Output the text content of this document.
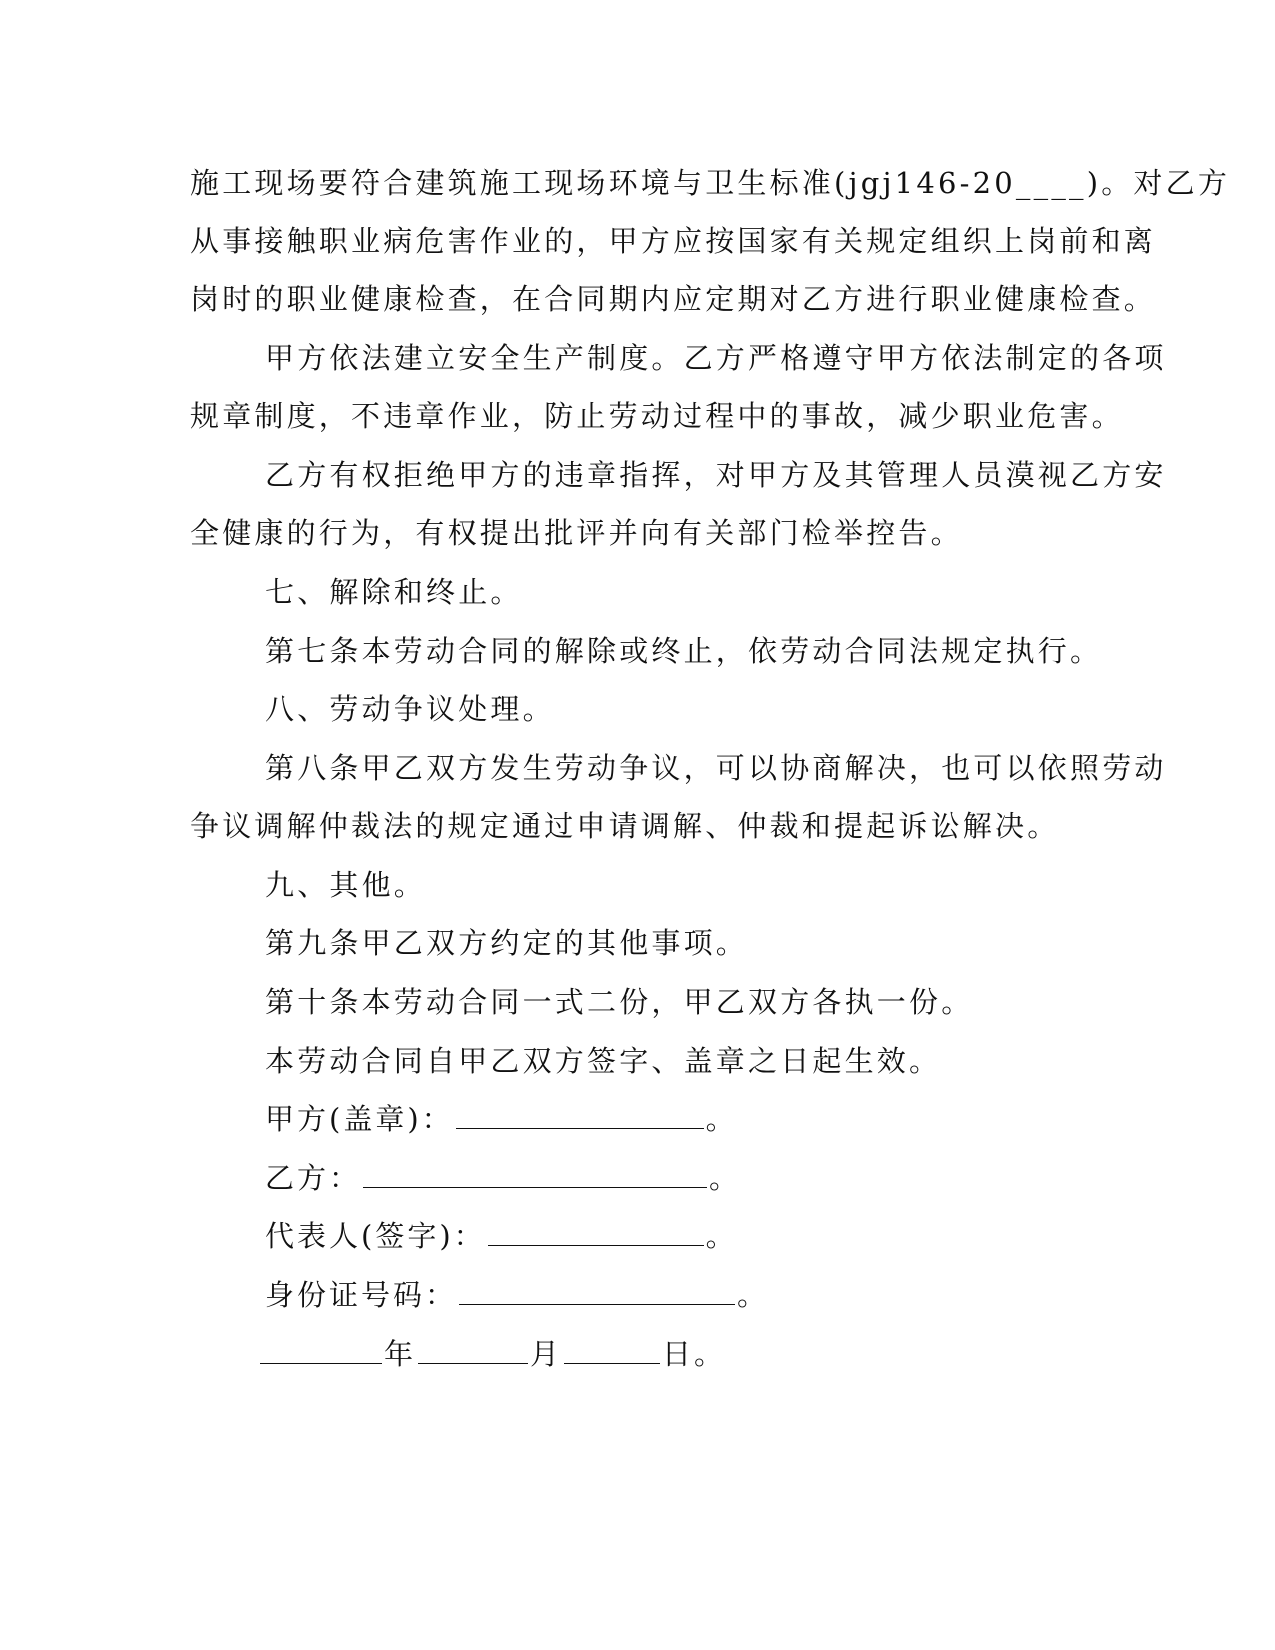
施工现场要符合建筑施工现场环境与卫生标准(jgj146-20____)。对乙方
从事接触职业病危害作业的，甲方应按国家有关规定组织上岗前和离
岗时的职业健康检查，在合同期内应定期对乙方进行职业健康检查。
甲方依法建立安全生产制度。乙方严格遵守甲方依法制定的各项
规章制度，不违章作业，防止劳动过程中的事故，减少职业危害。
乙方有权拒绝甲方的违章指挥，对甲方及其管理人员漠视乙方安
全健康的行为，有权提出批评并向有关部门检举控告。
七、解除和终止。
第七条本劳动合同的解除或终止，依劳动合同法规定执行。
八、劳动争议处理。
第八条甲乙双方发生劳动争议，可以协商解决，也可以依照劳动
争议调解仲裁法的规定通过申请调解、仲裁和提起诉讼解决。
九、其他。
第九条甲乙双方约定的其他事项。
第十条本劳动合同一式二份，甲乙双方各执一份。
本劳动合同自甲乙双方签字、盖章之日起生效。
甲方(盖章)：	。
乙方：	。
代表人(签字)：	。
身份证号码：	。
年	月	日。
